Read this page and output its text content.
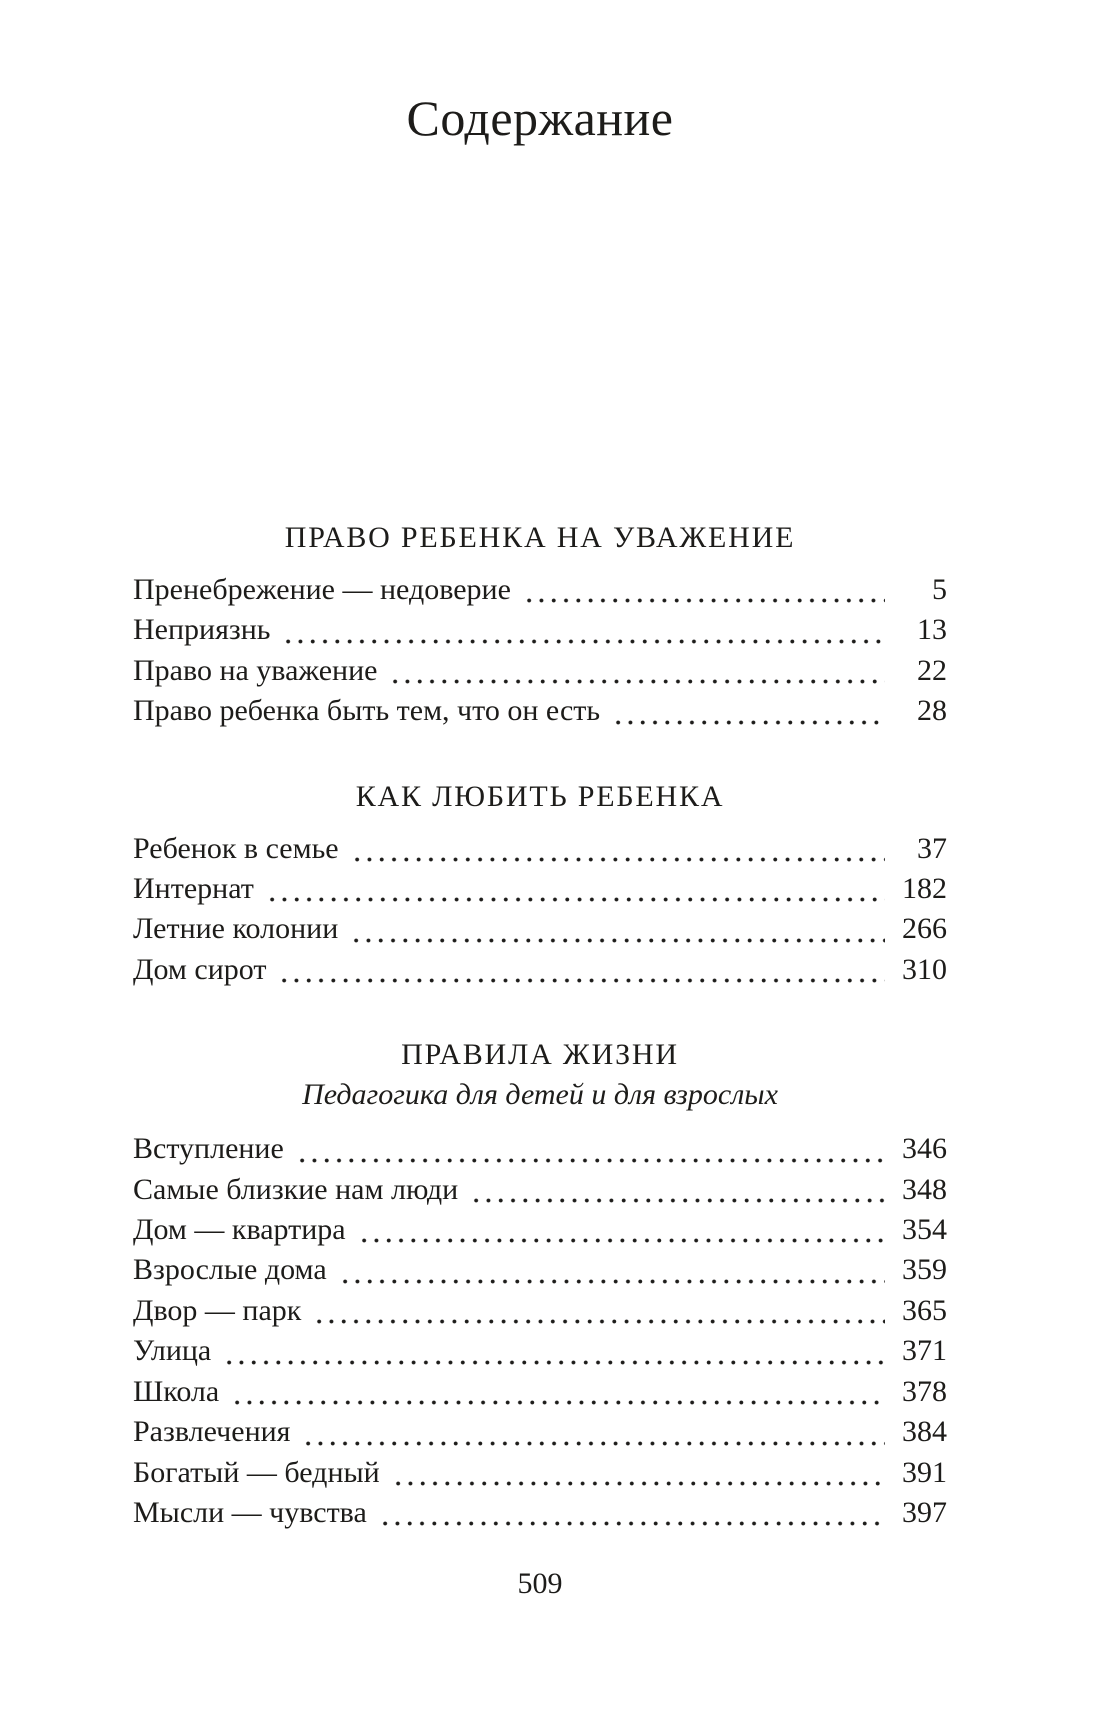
Содержание
ПРАВО РЕБЕНКА НА УВАЖЕНИЕ
Пренебрежение — недоверие	5
Неприязнь	13
Право на уважение	22
Право ребенка быть тем, что он есть	28
КАК ЛЮБИТЬ РЕБЕНКА
Ребенок в семье	37
Интернат	182
Летние колонии	266
Дом сирот	310
ПРАВИЛА ЖИЗНИ
Педагогика для детей и для взрослых
Вступление	346
Самые близкие нам люди	348
Дом — квартира	354
Взрослые дома	359
Двор — парк	365
Улица	371
Школа	378
Развлечения	384
Богатый — бедный	391
Мысли — чувства	397
509
